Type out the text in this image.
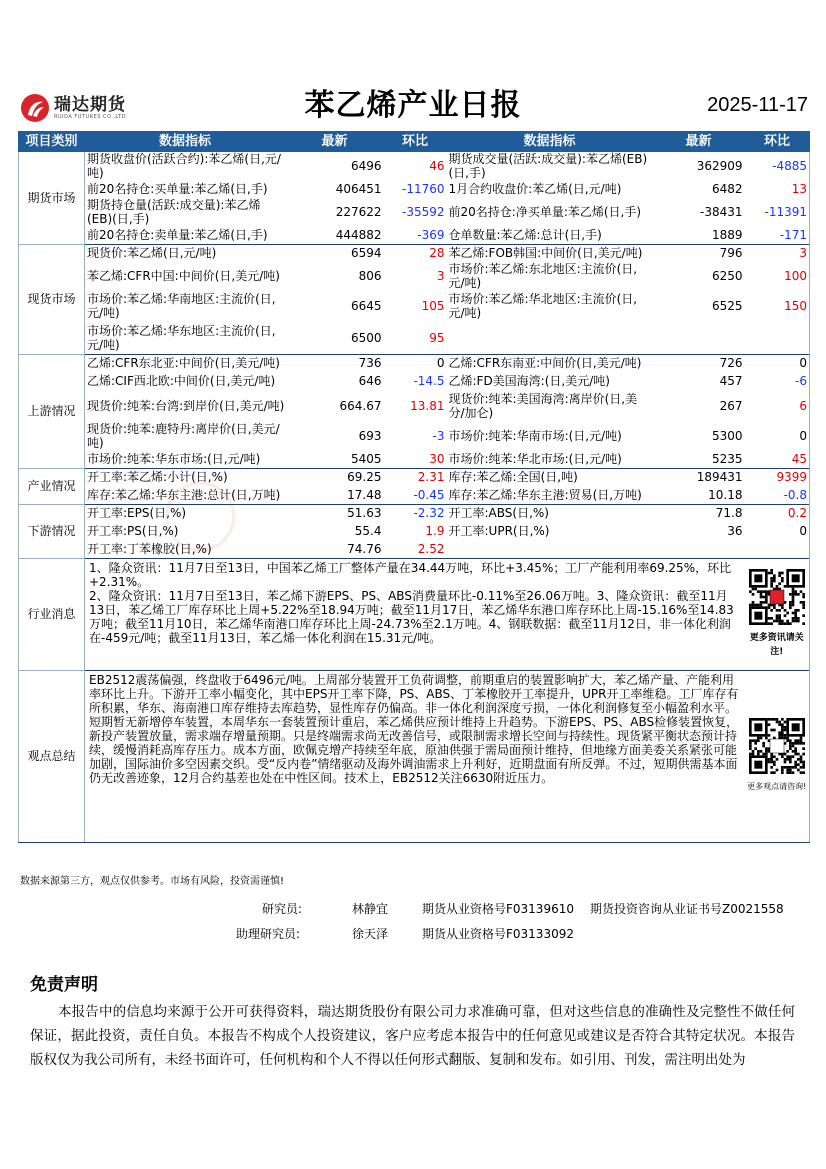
瑞达期货
RUIDA FUTURES CO.,LTD.	苯乙烯产业日报	2025-11-17
项目类别	数据指标	最新	环比	数据指标	最新	环比
期货市场	期货收盘价(活跃合约):苯乙烯(日,元/吨)	6496	46	期货成交量(活跃:成交量):苯乙烯(EB)(日,手)	362909	-4885
	前20名持仓:买单量:苯乙烯(日,手)	406451	-11760	1月合约收盘价:苯乙烯(日,元/吨)	6482	13
	期货持仓量(活跃:成交量):苯乙烯(EB)(日,手)	227622	-35592	前20名持仓:净买单量:苯乙烯(日,手)	-38431	-11391
	前20名持仓:卖单量:苯乙烯(日,手)	444882	-369	仓单数量:苯乙烯:总计(日,手)	1889	-171
现货市场	现货价:苯乙烯(日,元/吨)	6594	28	苯乙烯:FOB韩国:中间价(日,美元/吨)	796	3
	苯乙烯:CFR中国:中间价(日,美元/吨)	806	3	市场价:苯乙烯:东北地区:主流价(日,元/吨)	6250	100
	市场价:苯乙烯:华南地区:主流价(日,元/吨)	6645	105	市场价:苯乙烯:华北地区:主流价(日,元/吨)	6525	150
	市场价:苯乙烯:华东地区:主流价(日,元/吨)	6500	95			
上游情况	乙烯:CFR东北亚:中间价(日,美元/吨)	736	0	乙烯:CFR东南亚:中间价(日,美元/吨)	726	0
	乙烯:CIF西北欧:中间价(日,美元/吨)	646	-14.5	乙烯:FD美国海湾:(日,美元/吨)	457	-6
	现货价:纯苯:台湾:到岸价(日,美元/吨)	664.67	13.81	现货价:纯苯:美国海湾:离岸价(日,美分/加仑)	267	6
	现货价:纯苯:鹿特丹:离岸价(日,美元/吨)	693	-3	市场价:纯苯:华南市场:(日,元/吨)	5300	0
	市场价:纯苯:华东市场:(日,元/吨)	5405	30	市场价:纯苯:华北市场:(日,元/吨)	5235	45
产业情况	开工率:苯乙烯:小计(日,%)	69.25	2.31	库存:苯乙烯:全国(日,吨)	189431	9399
	库存:苯乙烯:华东主港:总计(日,万吨)	17.48	-0.45	库存:苯乙烯:华东主港:贸易(日,万吨)	10.18	-0.8
下游情况	开工率:EPS(日,%)	51.63	-2.32	开工率:ABS(日,%)	71.8	0.2
	开工率:PS(日,%)	55.4	1.9	开工率:UPR(日,%)	36	0
	开工率:丁苯橡胶(日,%)	74.76	2.52			
行业消息	1、隆众资讯：11月7日至13日，中国苯乙烯工厂整体产量在34.44万吨，环比+3.45%；工厂产能利用率69.25%，环比+2.31%。
2、隆众资讯：11月7日至13日，苯乙烯下游EPS、PS、ABS消费量环比-0.11%至26.06万吨。3、隆众资讯：截至11月13日，苯乙烯工厂库存环比上周+5.22%至18.94万吨；截至11月17日，苯乙烯华东港口库存环比上周-15.16%至14.83万吨；截至11月10日，苯乙烯华南港口库存环比上周-24.73%至2.1万吨。4、钢联数据：截至11月12日，非一体化利润在-459元/吨；截至11月13日，苯乙烯一体化利润在15.31元/吨。					更多资讯请关注!

观点总结	EB2512震荡偏强，终盘收于6496元/吨。上周部分装置开工负荷调整，前期重启的装置影响扩大，苯乙烯产量、产能利用率环比上升。下游开工率小幅变化，其中EPS开工率下降，PS、ABS、丁苯橡胶开工率提升，UPR开工率维稳。工厂库存有所积累，华东、海南港口库存维持去库趋势，显性库存仍偏高。非一体化利润深度亏损，一体化利润修复至小幅盈利水平。短期暂无新增停车装置，本周华东一套装置预计重启，苯乙烯供应预计维持上升趋势。下游EPS、PS、ABS检修装置恢复，新投产装置放量，需求端存增量预期。只是终端需求尚无改善信号，或限制需求增长空间与持续性。现货紧平衡状态预计持续，缓慢消耗高库存压力。成本方面，欧佩克增产持续至年底，原油供强于需局面预计维持，但地缘方面美委关系紧张可能加剧，国际油价多空因素交织。受“反内卷”情绪驱动及海外调油需求上升利好，近期盘面有所反弹。不过，短期供需基本面仍无改善迹象，12月合约基差也处在中性区间。技术上，EB2512关注6630附近压力。					更多观点请咨询!
数据来源第三方，观点仅供参考。市场有风险，投资需谨慎!
研究员:	林静宜	期货从业资格号F03139610 期货投资咨询从业证书号Z0021558
助理研究员:	徐天泽	期货从业资格号F03133092
免责声明
本报告中的信息均来源于公开可获得资料，瑞达期货股份有限公司力求准确可靠，但对这些信息的准确性及完整性不做任何保证，据此投资，责任自负。本报告不构成个人投资建议，客户应考虑本报告中的任何意见或建议是否符合其特定状况。本报告版权仅为我公司所有，未经书面许可，任何机构和个人不得以任何形式翻版、复制和发布。如引用、刊发，需注明出处为
